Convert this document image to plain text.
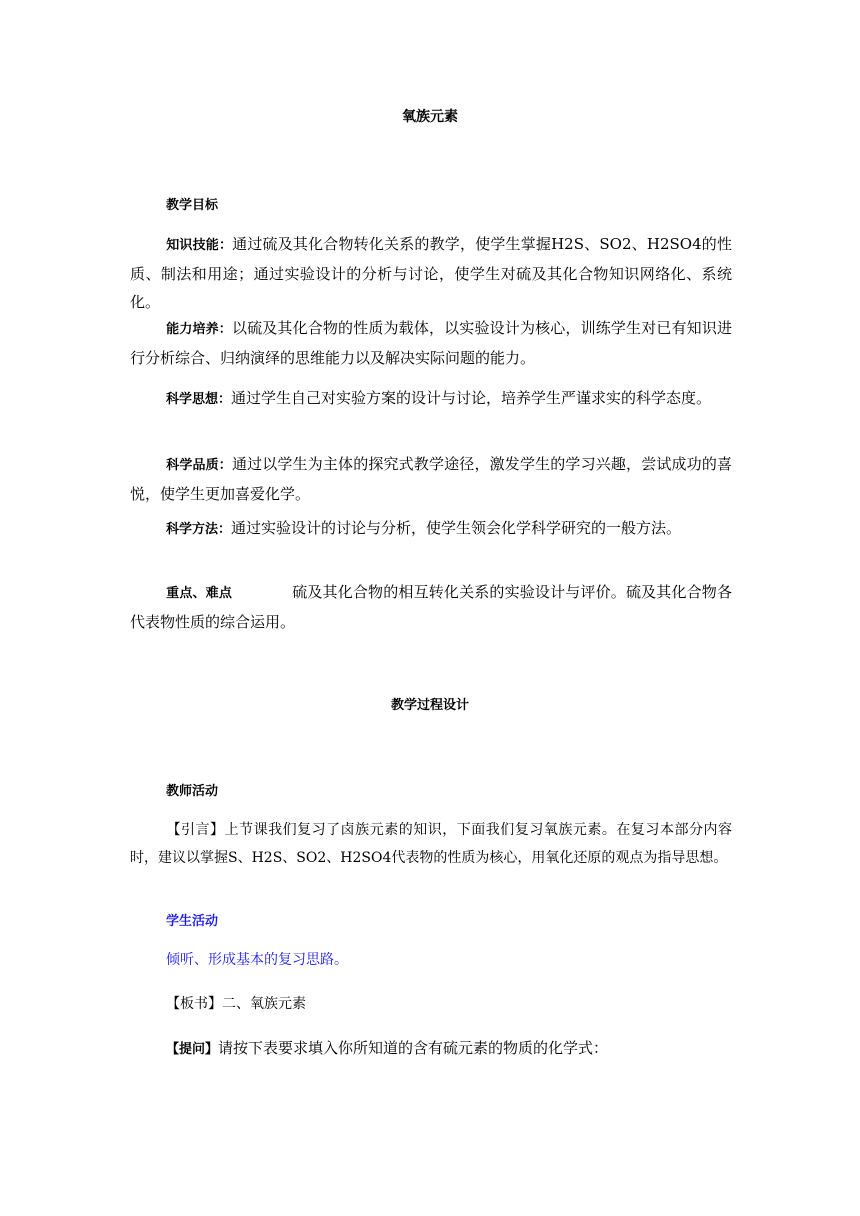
氧族元素
教学目标
知识技能：通过硫及其化合物转化关系的教学，使学生掌握H2S、SO2、H2SO4的性质、制法和用途；通过实验设计的分析与讨论，使学生对硫及其化合物知识网络化、系统化。
能力培养：以硫及其化合物的性质为载体，以实验设计为核心，训练学生对已有知识进行分析综合、归纳演绎的思维能力以及解决实际问题的能力。
科学思想：通过学生自己对实验方案的设计与讨论，培养学生严谨求实的科学态度。
科学品质：通过以学生为主体的探究式教学途径，激发学生的学习兴趣，尝试成功的喜悦，使学生更加喜爱化学。
科学方法：通过实验设计的讨论与分析，使学生领会化学科学研究的一般方法。
重点、难点	硫及其化合物的相互转化关系的实验设计与评价。硫及其化合物各代表物性质的综合运用。
教学过程设计
教师活动
【引言】上节课我们复习了卤族元素的知识，下面我们复习氧族元素。在复习本部分内容时，建议以掌握S、H2S、SO2、H2SO4代表物的性质为核心，用氧化还原的观点为指导思想。
学生活动
倾听、形成基本的复习思路。
【板书】二、氧族元素
【提问】请按下表要求填入你所知道的含有硫元素的物质的化学式：
